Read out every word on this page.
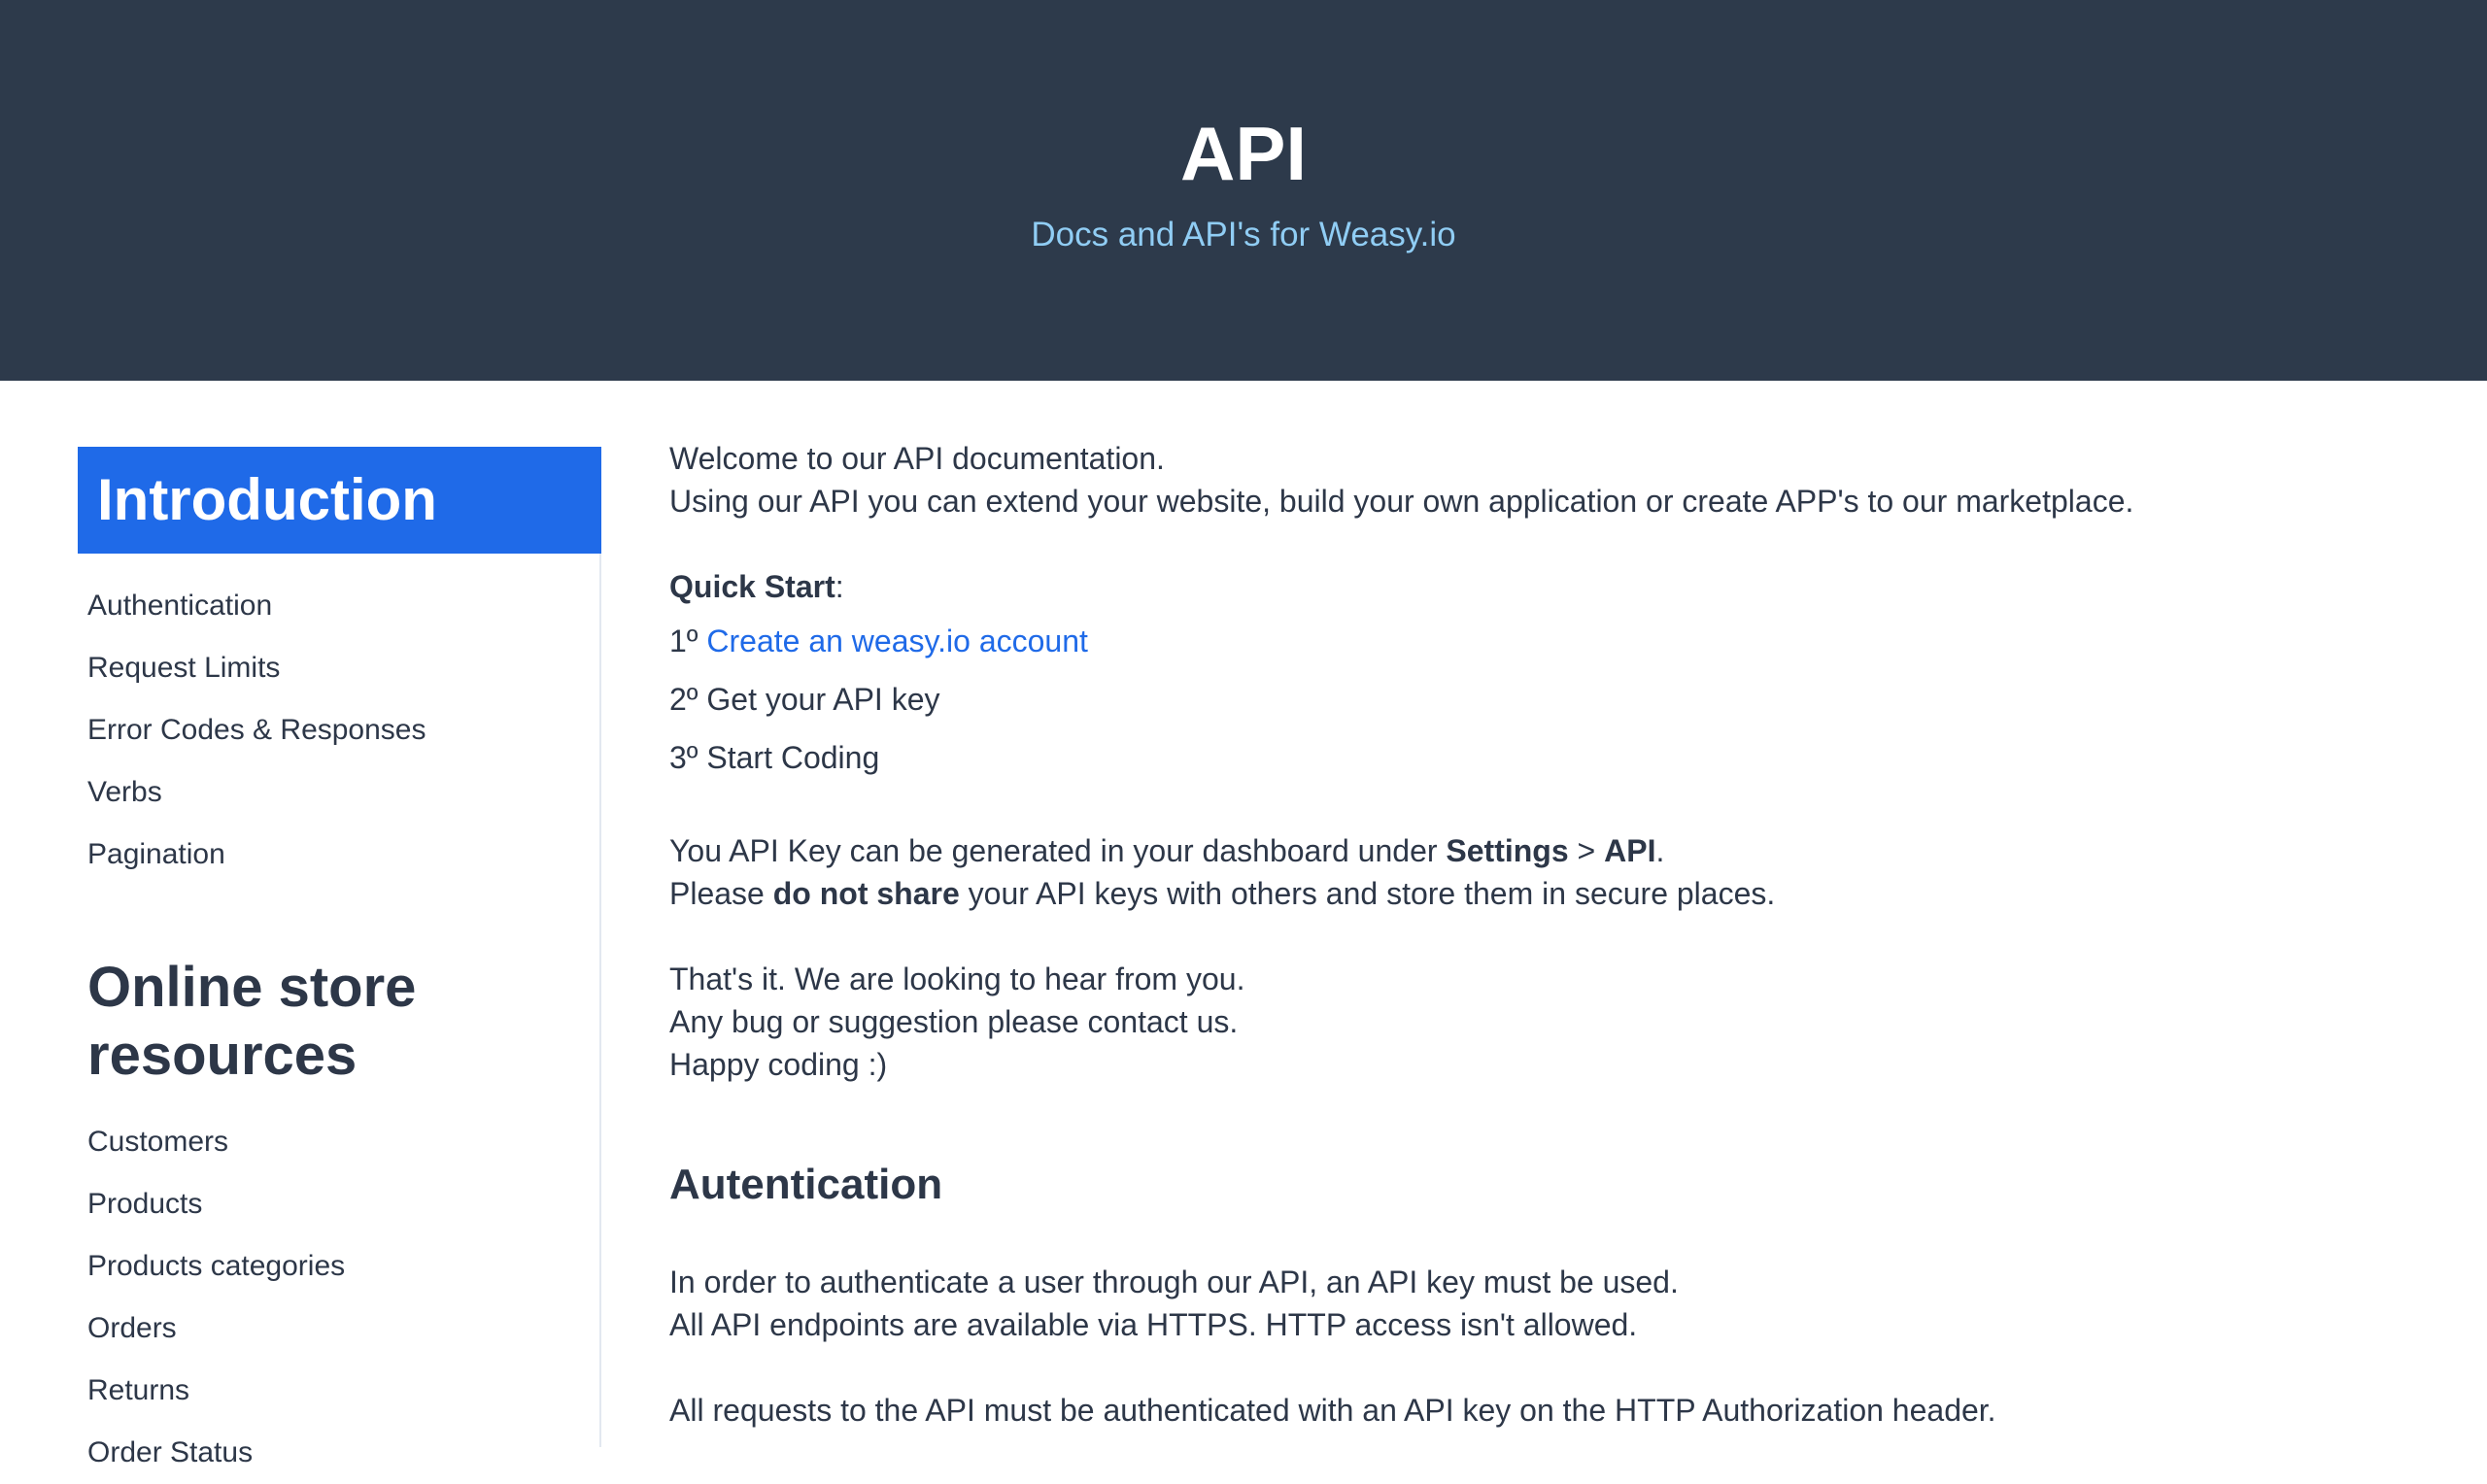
API

Docs and API's for Weasy.io

Introduction
Authentication
Request Limits
Error Codes & Responses
Verbs
Pagination
Online store resources
Customers
Products
Products categories
Orders
Returns
Order Status

Welcome to our API documentation.

Using our API you can extend your website, build your own application or create APP's to our marketplace.

Quick Start:

1º Create an weasy.io account

2º Get your API key

3º Start Coding

You API Key can be generated in your dashboard under Settings > API.

Please do not share your API keys with others and store them in secure places.

That's it. We are looking to hear from you.

Any bug or suggestion please contact us.

Happy coding :)

Autentication

In order to authenticate a user through our API, an API key must be used.

All API endpoints are available via HTTPS. HTTP access isn't allowed.

All requests to the API must be authenticated with an API key on the HTTP Authorization header.
